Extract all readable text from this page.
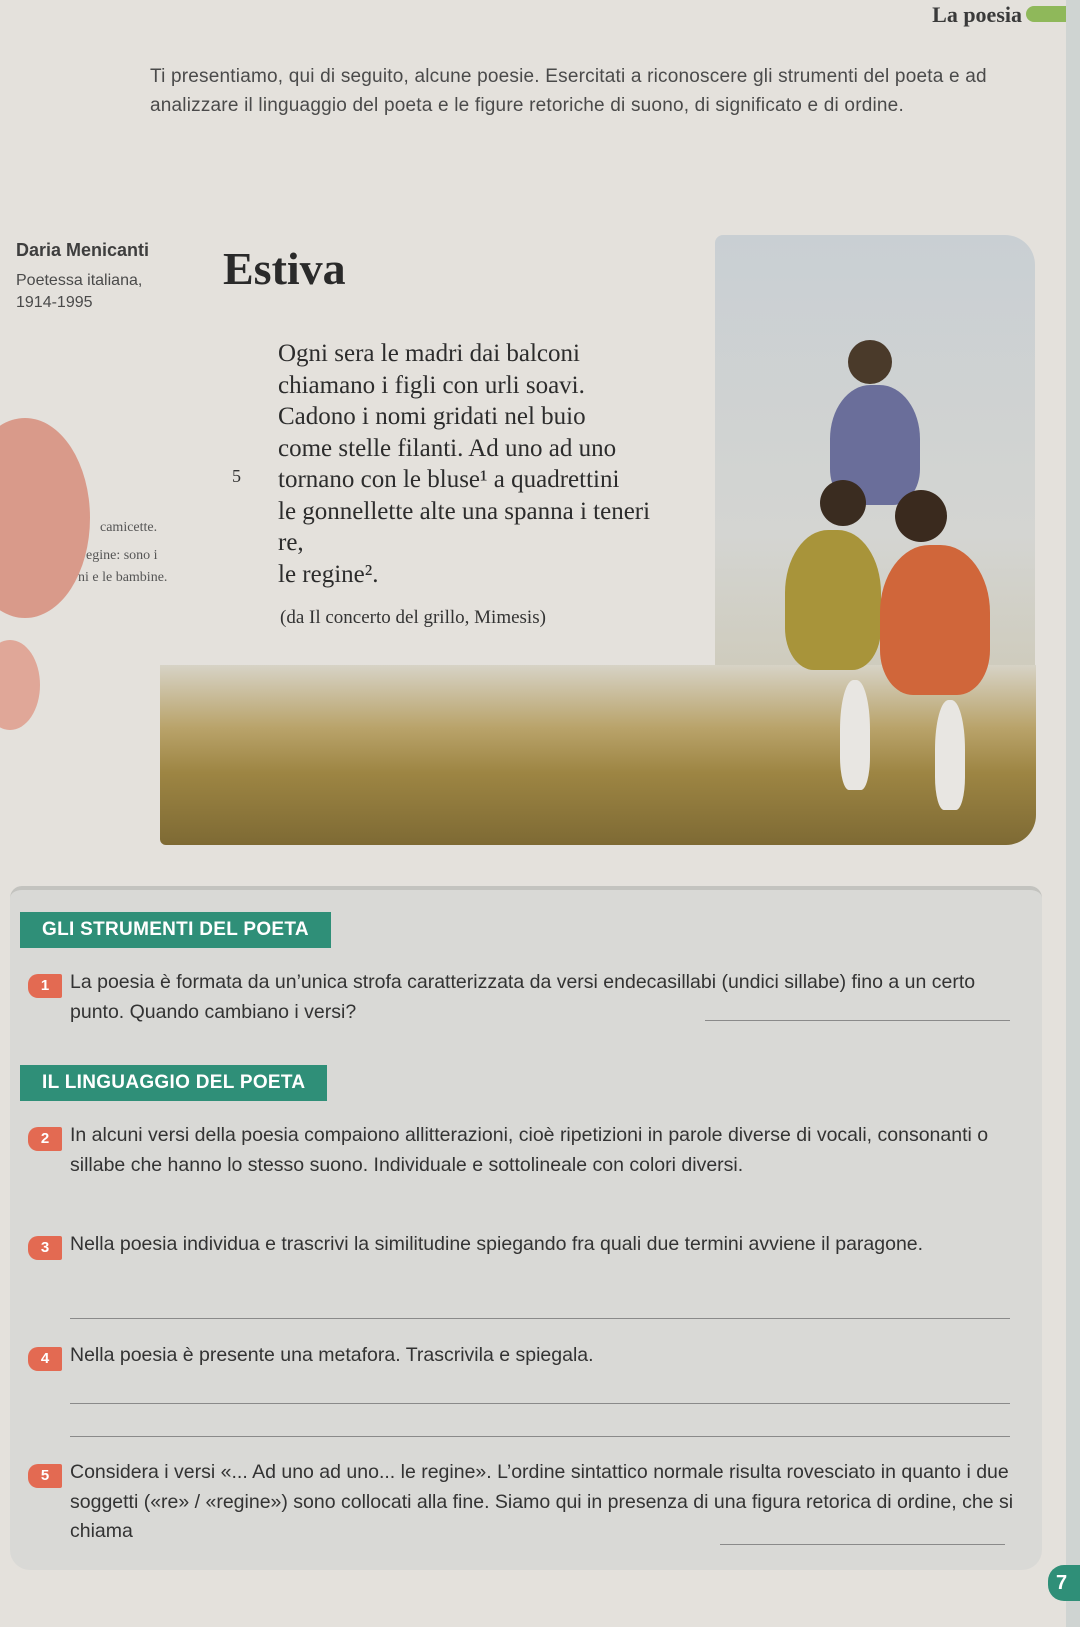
La poesia
Ti presentiamo, qui di seguito, alcune poesie. Esercitati a riconoscere gli strumenti del poeta e ad analizzare il linguaggio del poeta e le figure retoriche di suono, di significato e di ordine.
Daria Menicanti
Poetessa italiana,
1914-1995
Estiva
Ogni sera le madri dai balconi
chiamano i figli con urli soavi.
Cadono i nomi gridati nel buio
come stelle filanti. Ad uno ad uno
tornano con le bluse¹ a quadrettini
le gonnellette alte una spanna i teneri
re,
le regine².
5
(da Il concerto del grillo, Mimesis)
camicette.
egine: sono i
ni e le bambine.
GLI STRUMENTI DEL POETA
1	La poesia è formata da un’unica strofa caratterizzata da versi endecasillabi (undici sillabe) fino a un certo punto. Quando cambiano i versi?
IL LINGUAGGIO DEL POETA
2	In alcuni versi della poesia compaiono allitterazioni, cioè ripetizioni in parole diverse di vocali, consonanti o sillabe che hanno lo stesso suono. Individuale e sottolineale con colori diversi.
3	Nella poesia individua e trascrivi la similitudine spiegando fra quali due termini avviene il paragone.
4	Nella poesia è presente una metafora. Trascrivila e spiegala.
5	Considera i versi «... Ad uno ad uno... le regine». L’ordine sintattico normale risulta rovesciato in quanto i due soggetti («re» / «regine») sono collocati alla fine. Siamo qui in presenza di una figura retorica di ordine, che si chiama
7
